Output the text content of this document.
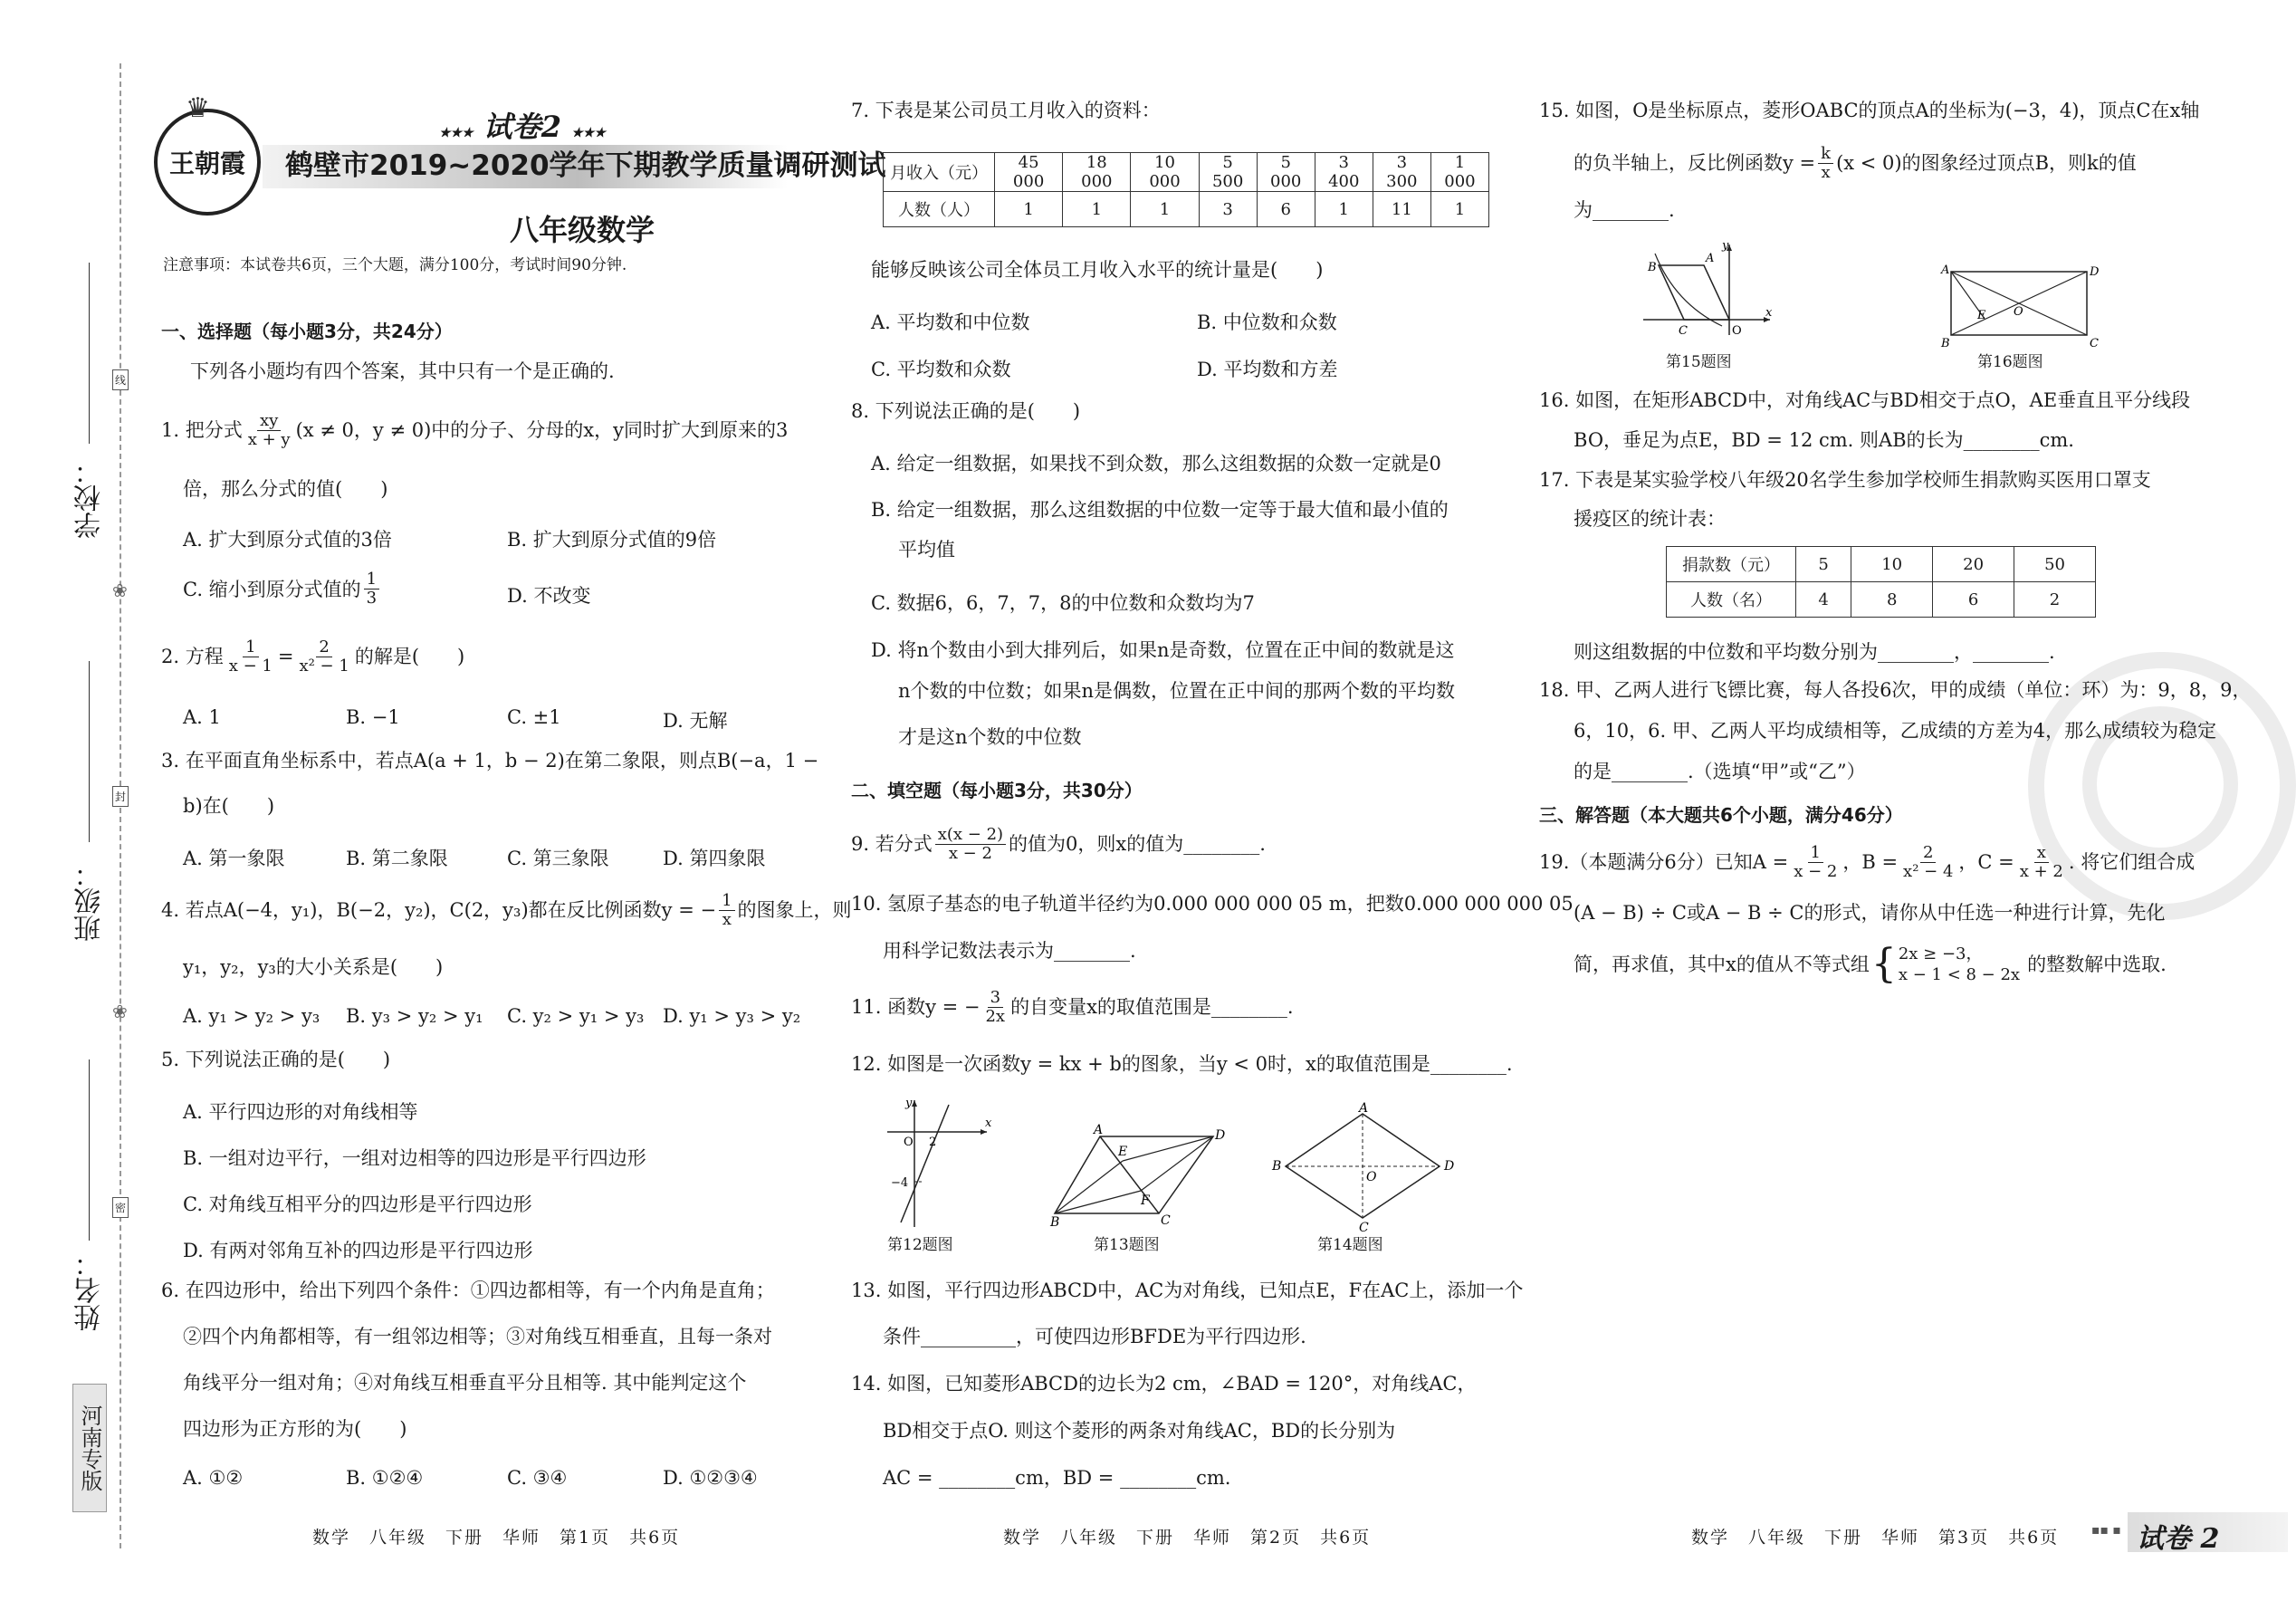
学校：
班级：
姓名：
线
封
密
❀
❀
河南专版
王朝霞
♛
★★★ 试卷2 ★★★
鹤壁市2019~2020学年下期教学质量调研测试
八年级数学
注意事项：本试卷共6页，三个大题，满分100分，考试时间90分钟.
一、选择题（每小题3分，共24分）
下列各小题均有四个答案，其中只有一个是正确的.
1. 把分式 $\frac{xy}{x + y} (x \ne 0$，y ≠ 0)中的分子、分母的x，y同时扩大到原来的3
倍，那么分式的值(　　)
A. 扩大到原分式值的3倍	B. 扩大到原分式值的9倍
C. 缩小到原分式值的 $\frac{1}{3}$	D. 不改变
2. 方程 $\frac{1}{x - 1} = \frac{2}{\text{x² − 1}}$ 的解是(　　)
A. 1	B. −1	C. ±1	D. 无解
3. 在平面直角坐标系中，若点A(a + 1，b − 2)在第二象限，则点B(−a，1 −
b)在(　　)
A. 第一象限	B. 第二象限	C. 第三象限	D. 第四象限
4. 若点A(−4，y₁)，B(−2，y₂)，C(2，y₃)都在反比例函数y = − $\frac{1}{x}$ 的图象上，则
y₁，y₂，y₃的大小关系是(　　)
A. y₁ > y₂ > y₃ B. y₃ > y₂ > y₁ C. y₂ > y₁ > y₃ D. y₁ > y₃ > y₂
5. 下列说法正确的是(　　)
A. 平行四边形的对角线相等
B. 一组对边平行，一组对边相等的四边形是平行四边形
C. 对角线互相平分的四边形是平行四边形
D. 有两对邻角互补的四边形是平行四边形
6. 在四边形中，给出下列四个条件：①四边都相等，有一个内角是直角；
②四个内角都相等，有一组邻边相等；③对角线互相垂直，且每一条对
角线平分一组对角；④对角线互相垂直平分且相等. 其中能判定这个
四边形为正方形的为(　　)
A. ①②	B. ①②④	C. ③④	D. ①②③④
数学　八年级　下册　华师　第1页　共6页
7. 下表是某公司员工月收入的资料：
月收入（元）	45 000	18 000	10 000	5 500	5 000	3 400	3 300	1 000
人数（人）	1	1	1	3	6	1	11	1
能够反映该公司全体员工月收入水平的统计量是(　　)
A. 平均数和中位数	B. 中位数和众数
C. 平均数和众数	D. 平均数和方差
8. 下列说法正确的是(　　)
A. 给定一组数据，如果找不到众数，那么这组数据的众数一定就是0
B. 给定一组数据，那么这组数据的中位数一定等于最大值和最小值的
平均值
C. 数据6，6，7，7，8的中位数和众数均为7
D. 将n个数由小到大排列后，如果n是奇数，位置在正中间的数就是这
n个数的中位数；如果n是偶数，位置在正中间的那两个数的平均数
才是这n个数的中位数
二、填空题（每小题3分，共30分）
9. 若分式 $\frac{x(x - 2)}{x - 2}$ 的值为0，则x的值为________.
10. 氢原子基态的电子轨道半径约为0.000 000 000 05 m，把数0.000 000 000 05
用科学记数法表示为________.
11. 函数y = − $\frac{3}{2x}$ 的自变量x的取值范围是________.
12. 如图是一次函数y = kx + b的图象，当y < 0时，x的取值范围是________.
x
y
O 2
−4
第12题图
A	D
C
B
E
F
第13题图
A
D
C
B
O
第14题图
13. 如图，平行四边形ABCD中，AC为对角线，已知点E，F在AC上，添加一个
条件__________，可使四边形BFDE为平行四边形.
14. 如图，已知菱形ABCD的边长为2 cm，∠BAD = 120°，对角线AC，
BD相交于点O. 则这个菱形的两条对角线AC，BD的长分别为
AC = ________cm，BD = ________cm.
数学　八年级　下册　华师　第2页　共6页
15. 如图，O是坐标原点，菱形OABC的顶点A的坐标为(−3，4)，顶点C在x轴
的负半轴上，反比例函数$y = \frac{k}{x} (x < 0)$的图象经过顶点B，则k的值
为________.
B
A
C	O
y
x
第15题图
A	D
B	C
O
E
第16题图
16. 如图，在矩形ABCD中，对角线AC与BD相交于点O，AE垂直且平分线段
BO，垂足为点E，BD = 12 cm. 则AB的长为________cm.
17. 下表是某实验学校八年级20名学生参加学校师生捐款购买医用口罩支
援疫区的统计表：
捐款数（元）	5	10	20	50
人数（名）	4	8	6	2
则这组数据的中位数和平均数分别为________，________.
18. 甲、乙两人进行飞镖比赛，每人各投6次，甲的成绩（单位：环）为：9，8，9，
6，10，6. 甲、乙两人平均成绩相等，乙成绩的方差为4，那么成绩较为稳定
的是________.（选填“甲”或“乙”）
三、解答题（本大题共6个小题，满分46分）
19.（本题满分6分）已知$A = \frac{1}{x - 2}$ ，$B = \frac{2}{\text{x² − 4}}$ ，$C = \frac{x}{x + 2}$ . 将它们组合成
(A − B) ÷ C或A − B ÷ C的形式，请你从中任选一种进行计算，先化
简，再求值，其中x的值从不等式组 { 2x ≥ −3，
x − 1 < 8 − 2x 的整数解中选取.
数学　八年级　下册　华师　第3页　共6页	▪▪ ▪ 试卷 2
